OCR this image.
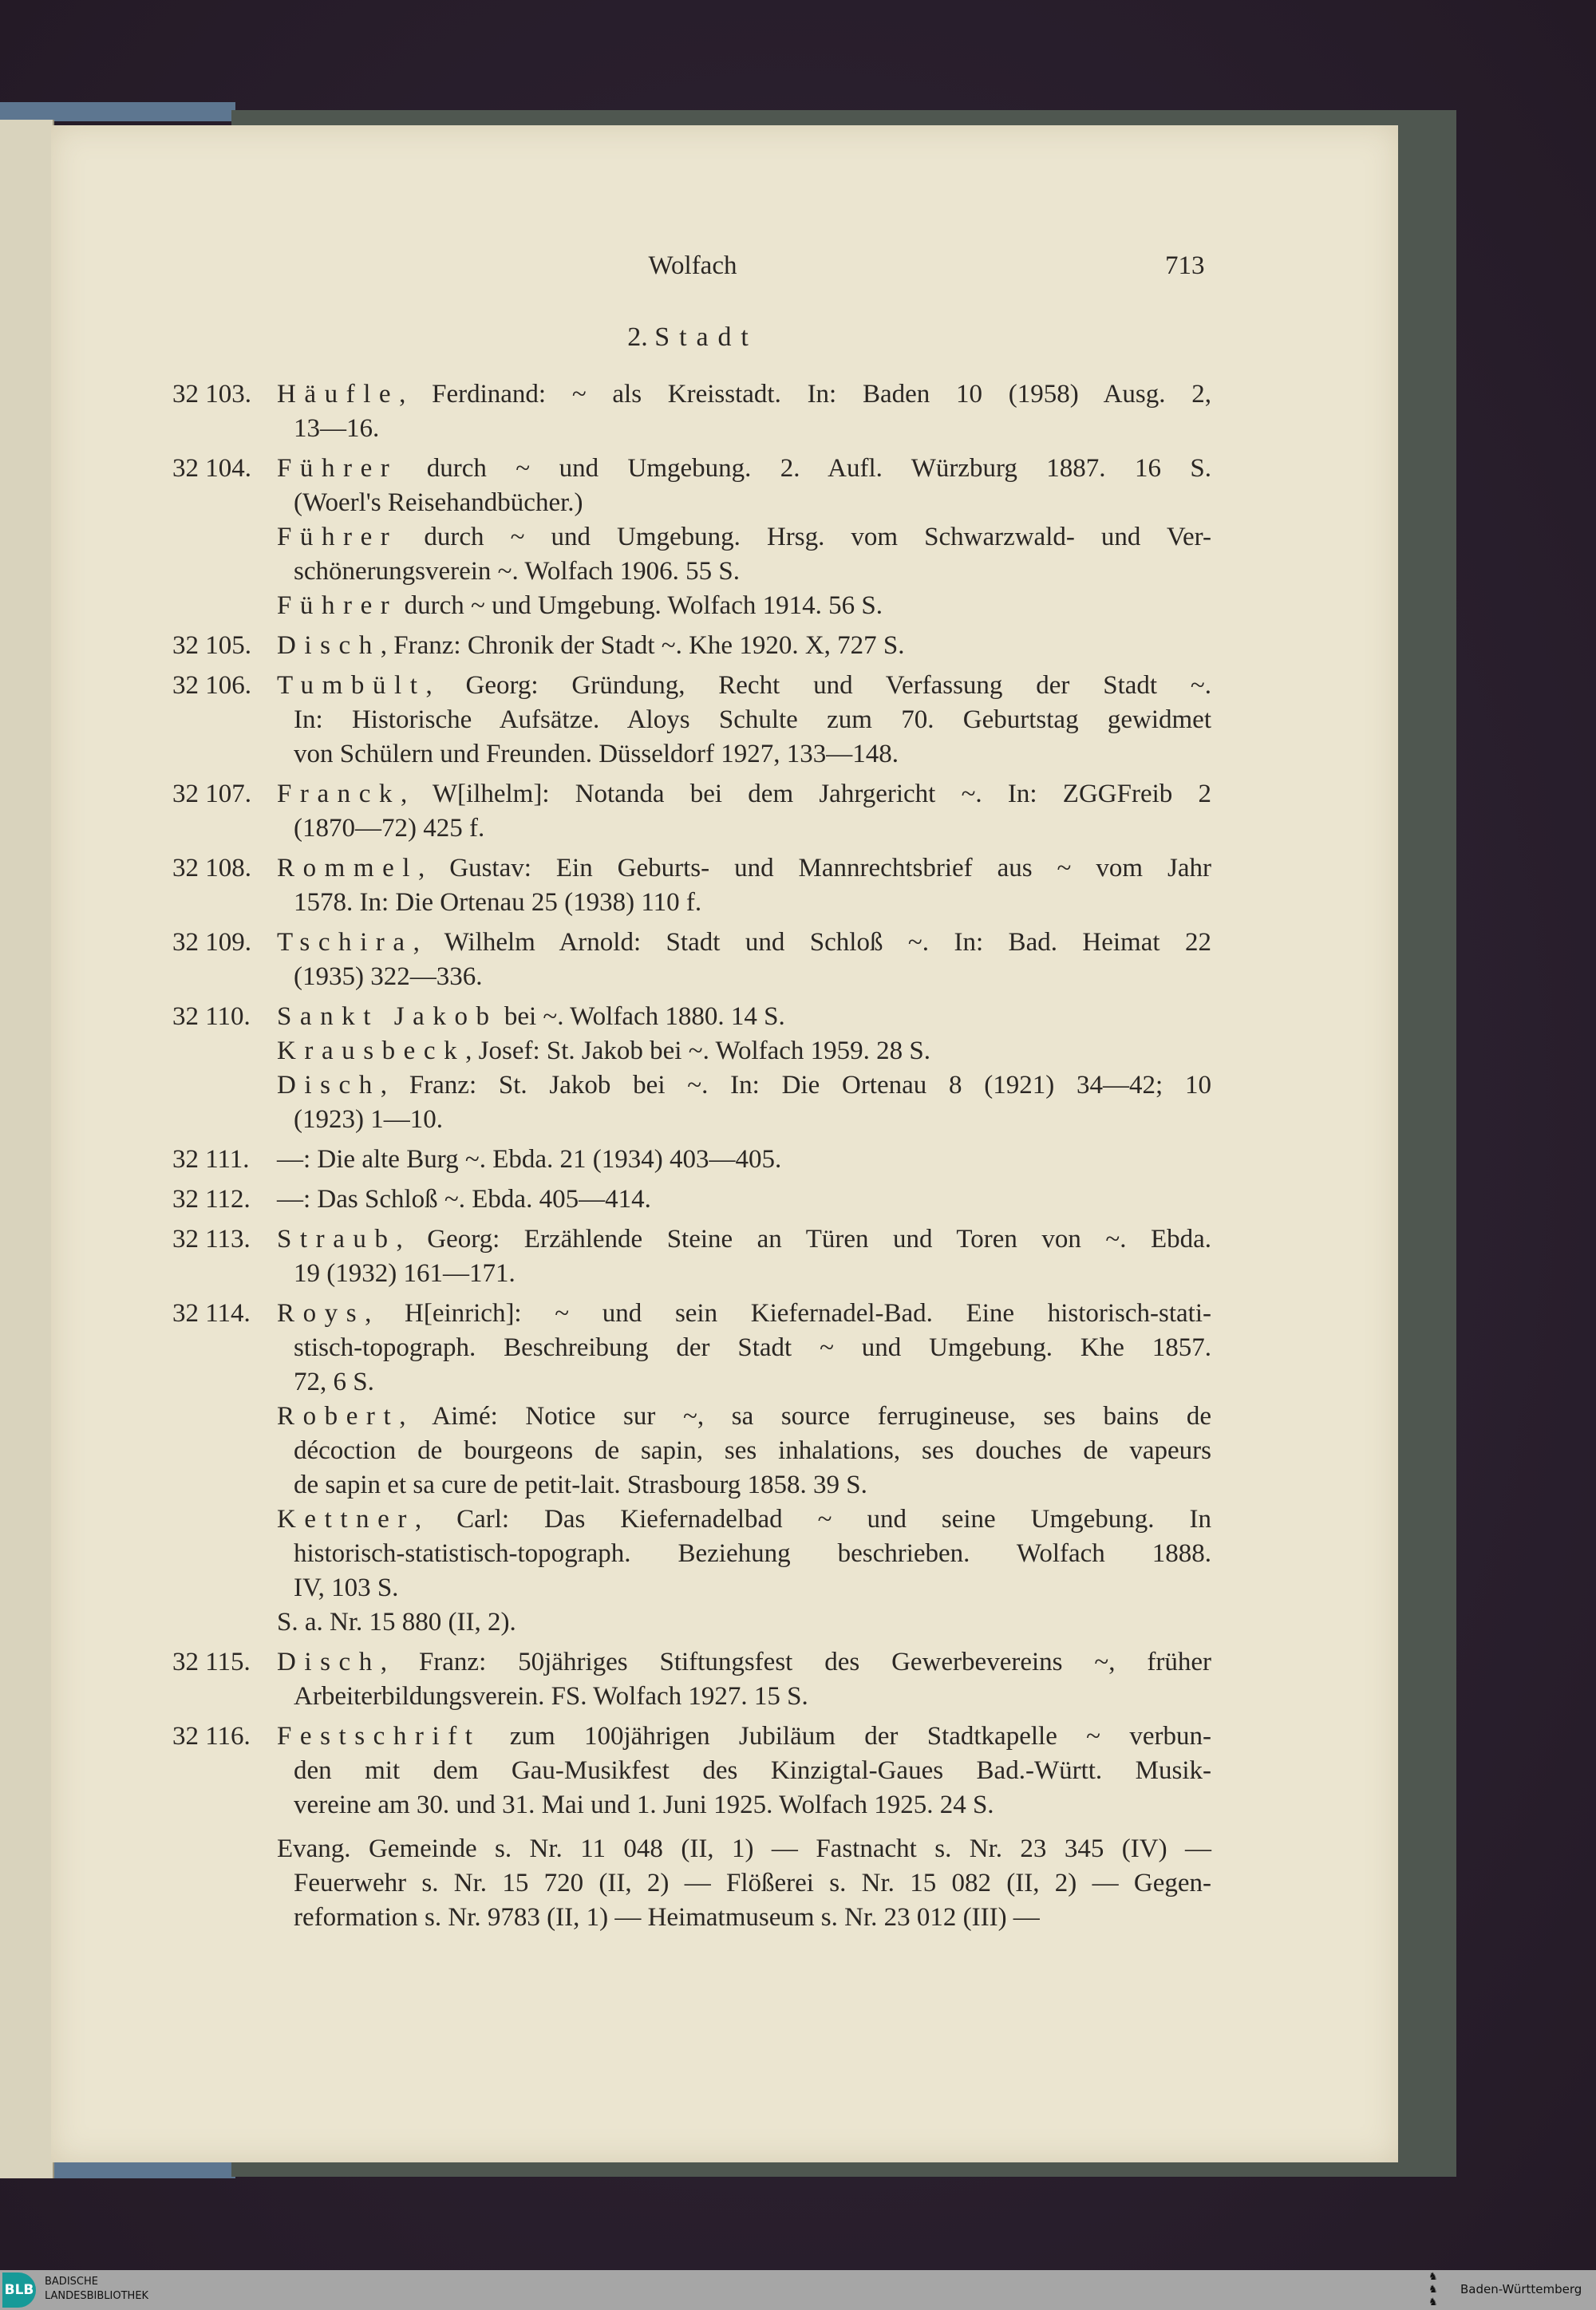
Wolfach	713
2. Stadt
32 103. Häufle, Ferdinand: ~ als Kreisstadt. In: Baden 10 (1958) Ausg. 2,
13—16.
32 104. Führer durch ~ und Umgebung. 2. Aufl. Würzburg 1887. 16 S.
(Woerl's Reisehandbücher.)
Führer durch ~ und Umgebung. Hrsg. vom Schwarzwald- und Ver-
schönerungsverein ~. Wolfach 1906. 55 S.
Führer durch ~ und Umgebung. Wolfach 1914. 56 S.
32 105. Disch, Franz: Chronik der Stadt ~. Khe 1920. X, 727 S.
32 106. Tumbült, Georg: Gründung, Recht und Verfassung der Stadt ~.
In: Historische Aufsätze. Aloys Schulte zum 70. Geburtstag gewidmet
von Schülern und Freunden. Düsseldorf 1927, 133—148.
32 107. Franck, W[ilhelm]: Notanda bei dem Jahrgericht ~. In: ZGGFreib 2
(1870—72) 425 f.
32 108. Rommel, Gustav: Ein Geburts- und Mannrechtsbrief aus ~ vom Jahr
1578. In: Die Ortenau 25 (1938) 110 f.
32 109. Tschira, Wilhelm Arnold: Stadt und Schloß ~. In: Bad. Heimat 22
(1935) 322—336.
32 110. Sankt Jakob bei ~. Wolfach 1880. 14 S.
Krausbeck, Josef: St. Jakob bei ~. Wolfach 1959. 28 S.
Disch, Franz: St. Jakob bei ~. In: Die Ortenau 8 (1921) 34—42; 10
(1923) 1—10.
32 111. —: Die alte Burg ~. Ebda. 21 (1934) 403—405.
32 112. —: Das Schloß ~. Ebda. 405—414.
32 113. Straub, Georg: Erzählende Steine an Türen und Toren von ~. Ebda.
19 (1932) 161—171.
32 114. Roys, H[einrich]: ~ und sein Kiefernadel-Bad. Eine historisch-stati-
stisch-topograph. Beschreibung der Stadt ~ und Umgebung. Khe 1857.
72, 6 S.
Robert, Aimé: Notice sur ~, sa source ferrugineuse, ses bains de
décoction de bourgeons de sapin, ses inhalations, ses douches de vapeurs
de sapin et sa cure de petit-lait. Strasbourg 1858. 39 S.
Kettner, Carl: Das Kiefernadelbad ~ und seine Umgebung. In
historisch-statistisch-topograph. Beziehung beschrieben. Wolfach 1888.
IV, 103 S.
S. a. Nr. 15 880 (II, 2).
32 115. Disch, Franz: 50jähriges Stiftungsfest des Gewerbevereins ~, früher
Arbeiterbildungsverein. FS. Wolfach 1927. 15 S.
32 116. Festschrift zum 100jährigen Jubiläum der Stadtkapelle ~ verbun-
den mit dem Gau-Musikfest des Kinzigtal-Gaues Bad.-Württ. Musik-
vereine am 30. und 31. Mai und 1. Juni 1925. Wolfach 1925. 24 S.
Evang. Gemeinde s. Nr. 11 048 (II, 1) — Fastnacht s. Nr. 23 345 (IV) —
Feuerwehr s. Nr. 15 720 (II, 2) — Flößerei s. Nr. 15 082 (II, 2) — Gegen-
reformation s. Nr. 9783 (II, 1) — Heimatmuseum s. Nr. 23 012 (III) —
BLB
BADISCHE
LANDESBIBLIOTHEK
♞
♞
♞
Baden-Württemberg
